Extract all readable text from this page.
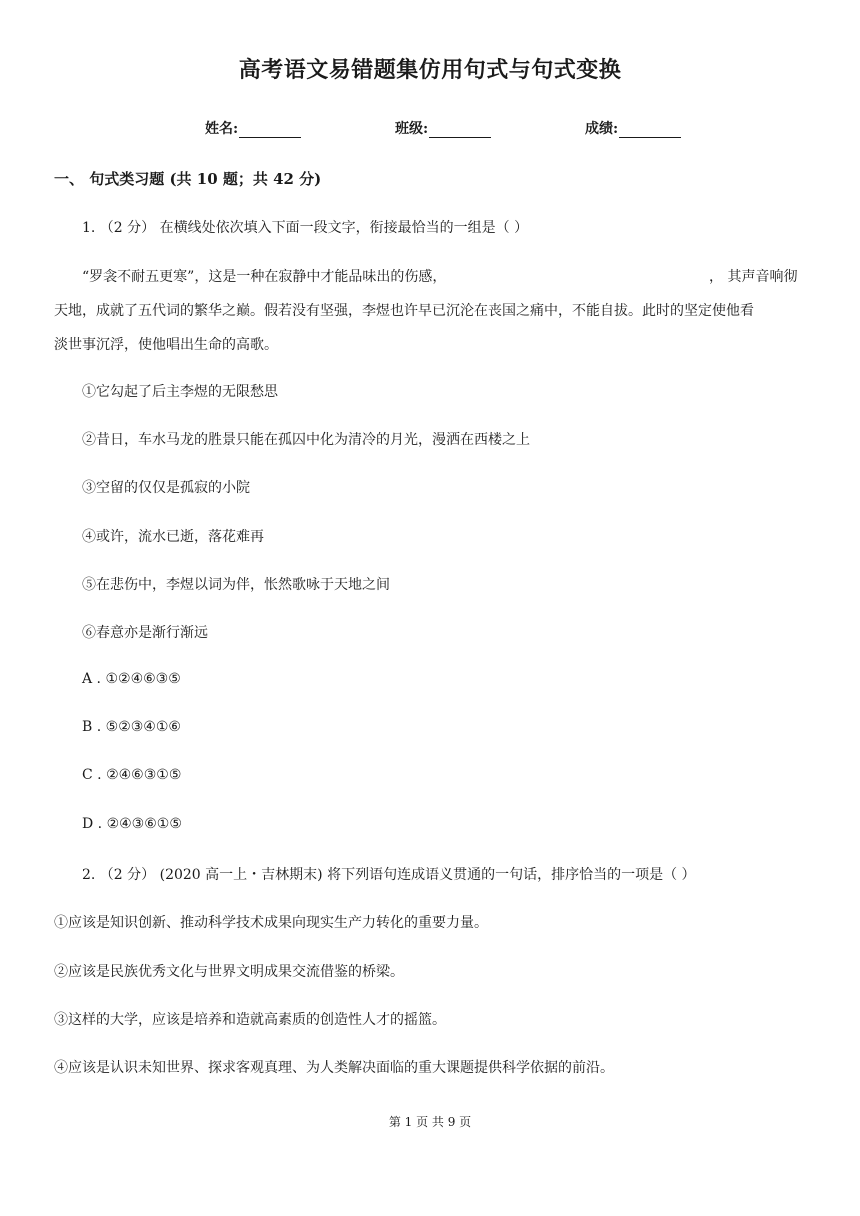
高考语文易错题集仿用句式与句式变换
姓名:	班级:	成绩:
一、 句式类习题 (共 10 题；共 42 分)
1. （2 分） 在横线处依次填入下面一段文字，衔接最恰当的一组是（ ）
“罗衾不耐五更寒”，这是一种在寂静中才能品味出的伤感，	， 其声音响彻
天地，成就了五代词的繁华之巅。假若没有坚强，李煜也许早已沉沦在丧国之痛中，不能自拔。此时的坚定使他看
淡世事沉浮，使他唱出生命的高歌。
①它勾起了后主李煜的无限愁思
②昔日，车水马龙的胜景只能在孤囚中化为清冷的月光，漫洒在西楼之上
③空留的仅仅是孤寂的小院
④或许，流水已逝，落花难再
⑤在悲伤中，李煜以词为伴，怅然歌咏于天地之间
⑥春意亦是渐行渐远
A . ①②④⑥③⑤
B . ⑤②③④①⑥
C . ②④⑥③①⑤
D . ②④③⑥①⑤
2. （2 分） (2020 高一上・吉林期末) 将下列语句连成语义贯通的一句话，排序恰当的一项是（ ）
①应该是知识创新、推动科学技术成果向现实生产力转化的重要力量。
②应该是民族优秀文化与世界文明成果交流借鉴的桥梁。
③这样的大学，应该是培养和造就高素质的创造性人才的摇篮。
④应该是认识未知世界、探求客观真理、为人类解决面临的重大课题提供科学依据的前沿。
第 1 页 共 9 页
